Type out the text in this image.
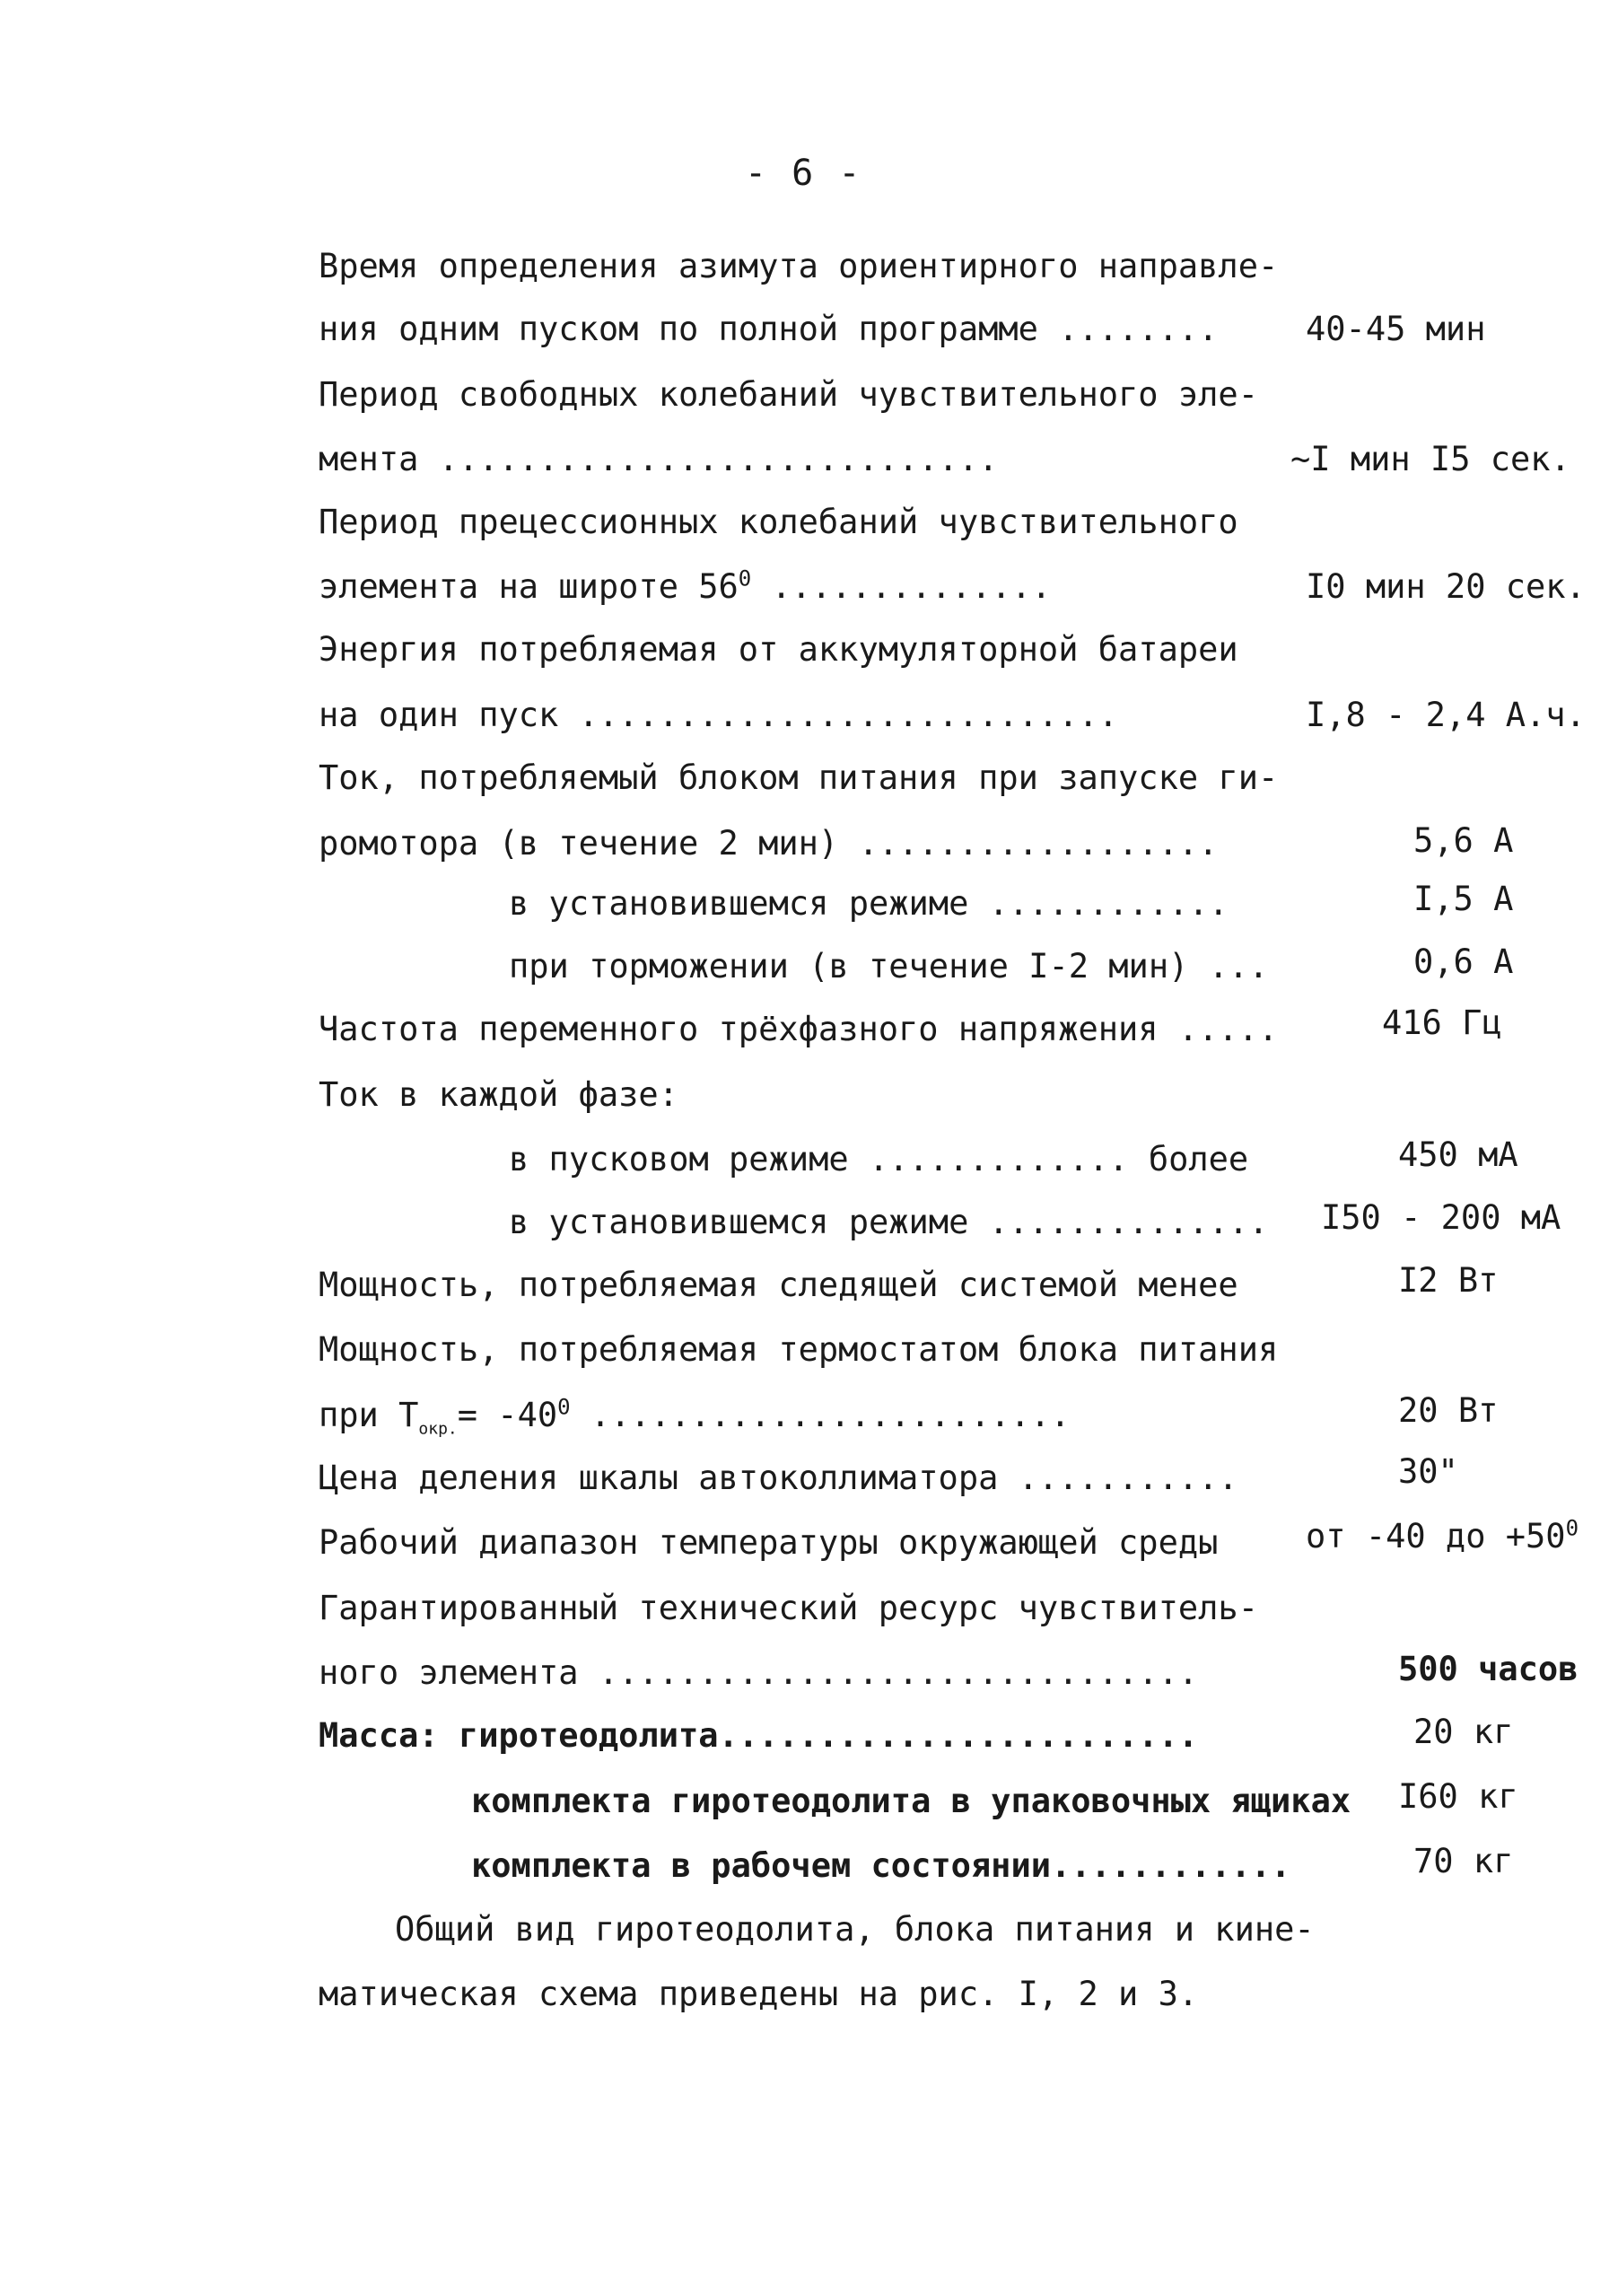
- 6 -
Время определения азимута ориентирного направле-
ния одним пуском по полной программе ........	40-45 мин
Период свободных колебаний чувствительного эле-
мента ............................	~I мин I5 сек.
Период прецессионных колебаний чувствительного
элемента на широте $56^0$ ..............	I0 мин 20 сек.
Энергия потребляемая от аккумуляторной батареи
на один пуск ...........................	I,8 - 2,4 А.ч.
Ток, потребляемый блоком питания при запуске ги-
ромотора (в течение 2 мин) ..................	5,6 А
в установившемся режиме ............	I,5 А
при торможении (в течение I-2 мин) ...	0,6 А
Частота переменного трёхфазного напряжения .....	416 Гц
Ток в каждой фазе:
в пусковом режиме ............. более	450 мА
в установившемся режиме .............. I50 - 200 мА
Мощность, потребляемая следящей системой менее	I2 Вт
Мощность, потребляемая термостатом блока питания
при $Т_{окр.}= -40^0$ ........................	20 Вт
Цена деления шкалы автоколлиматора ...........	30"
Рабочий диапазон температуры окружающей среды	от -40 до $+50^0$
Гарантированный технический ресурс чувствитель-
ного элемента ..............................	500 часов
Масса: гиротеодолита........................	20 кг
комплекта гиротеодолита в упаковочных ящиках I60 кг
комплекта в рабочем состоянии............	70 кг
Общий вид гиротеодолита, блока питания и кине-
матическая схема приведены на рис. I, 2 и 3.
